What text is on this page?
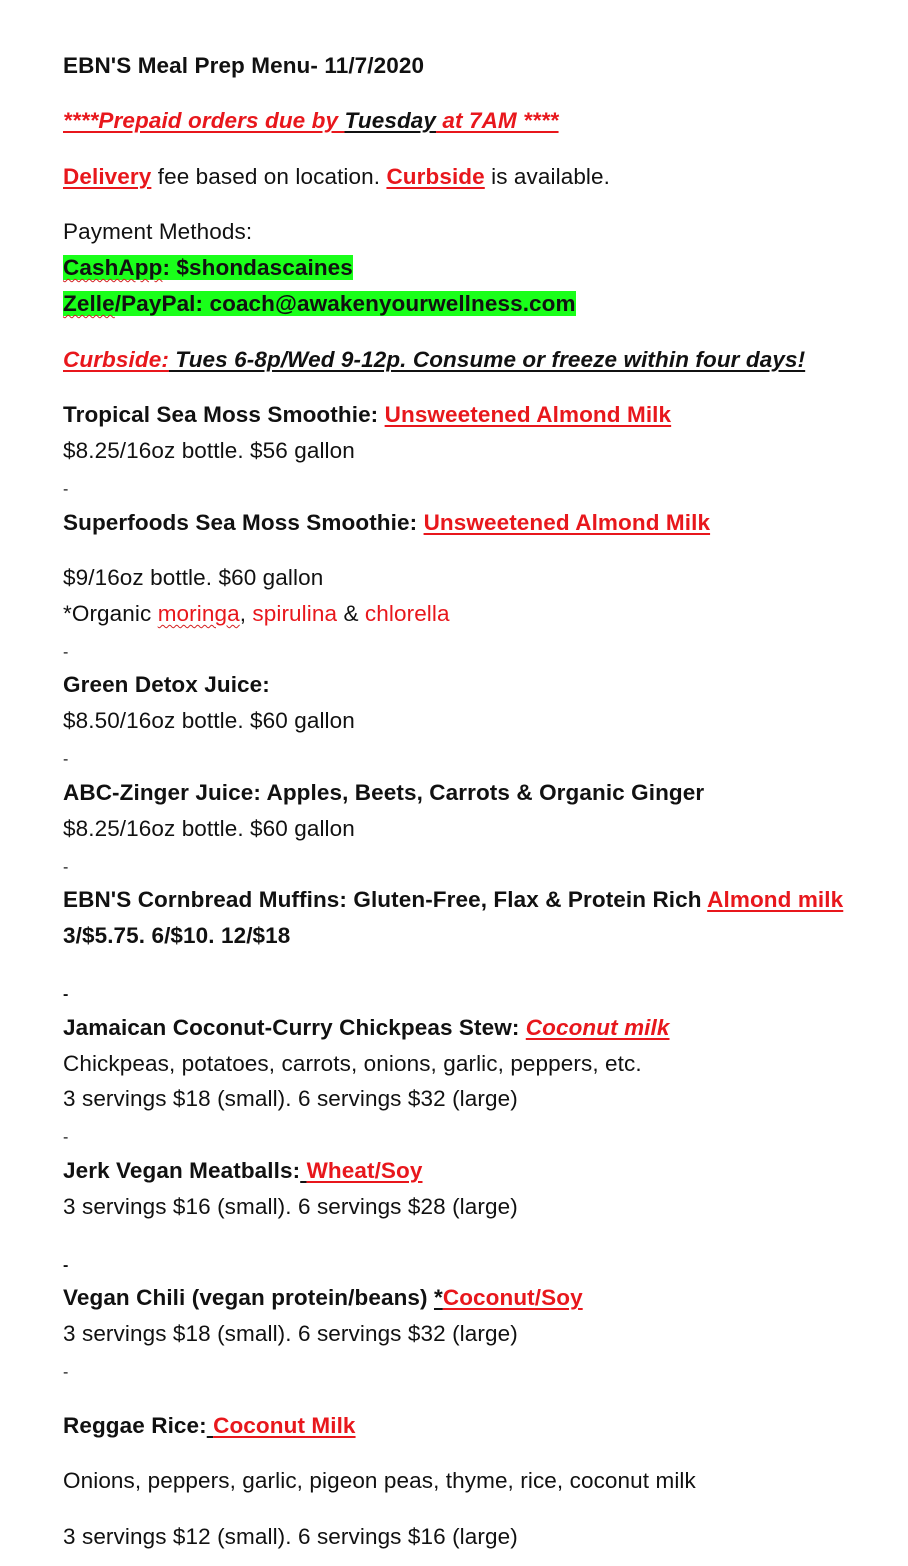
EBN'S Meal Prep Menu- 11/7/2020
****Prepaid orders due by Tuesday at 7AM ****
Delivery fee based on location. Curbside is available.
Payment Methods:
CashApp: $shondascaines
Zelle/PayPal: coach@awakenyourwellness.com
Curbside: Tues 6-8p/Wed 9-12p. Consume or freeze within four days!
Tropical Sea Moss Smoothie: Unsweetened Almond Milk
$8.25/16oz bottle. $56 gallon
-
Superfoods Sea Moss Smoothie: Unsweetened Almond Milk
$9/16oz bottle. $60 gallon
*Organic moringa, spirulina & chlorella
-
Green Detox Juice:
$8.50/16oz bottle. $60 gallon
-
ABC-Zinger Juice: Apples, Beets, Carrots & Organic Ginger
$8.25/16oz bottle. $60 gallon
-
EBN'S Cornbread Muffins: Gluten-Free, Flax & Protein Rich Almond milk
3/$5.75. 6/$10. 12/$18
-
Jamaican Coconut-Curry Chickpeas Stew: Coconut milk
Chickpeas, potatoes, carrots, onions, garlic, peppers, etc.
3 servings $18 (small). 6 servings $32 (large)
-
Jerk Vegan Meatballs: Wheat/Soy
3 servings $16 (small). 6 servings $28 (large)
-
Vegan Chili (vegan protein/beans) *Coconut/Soy
3 servings $18 (small). 6 servings $32 (large)
-
Reggae Rice: Coconut Milk
Onions, peppers, garlic, pigeon peas, thyme, rice, coconut milk
3 servings $12 (small). 6 servings $16 (large)
